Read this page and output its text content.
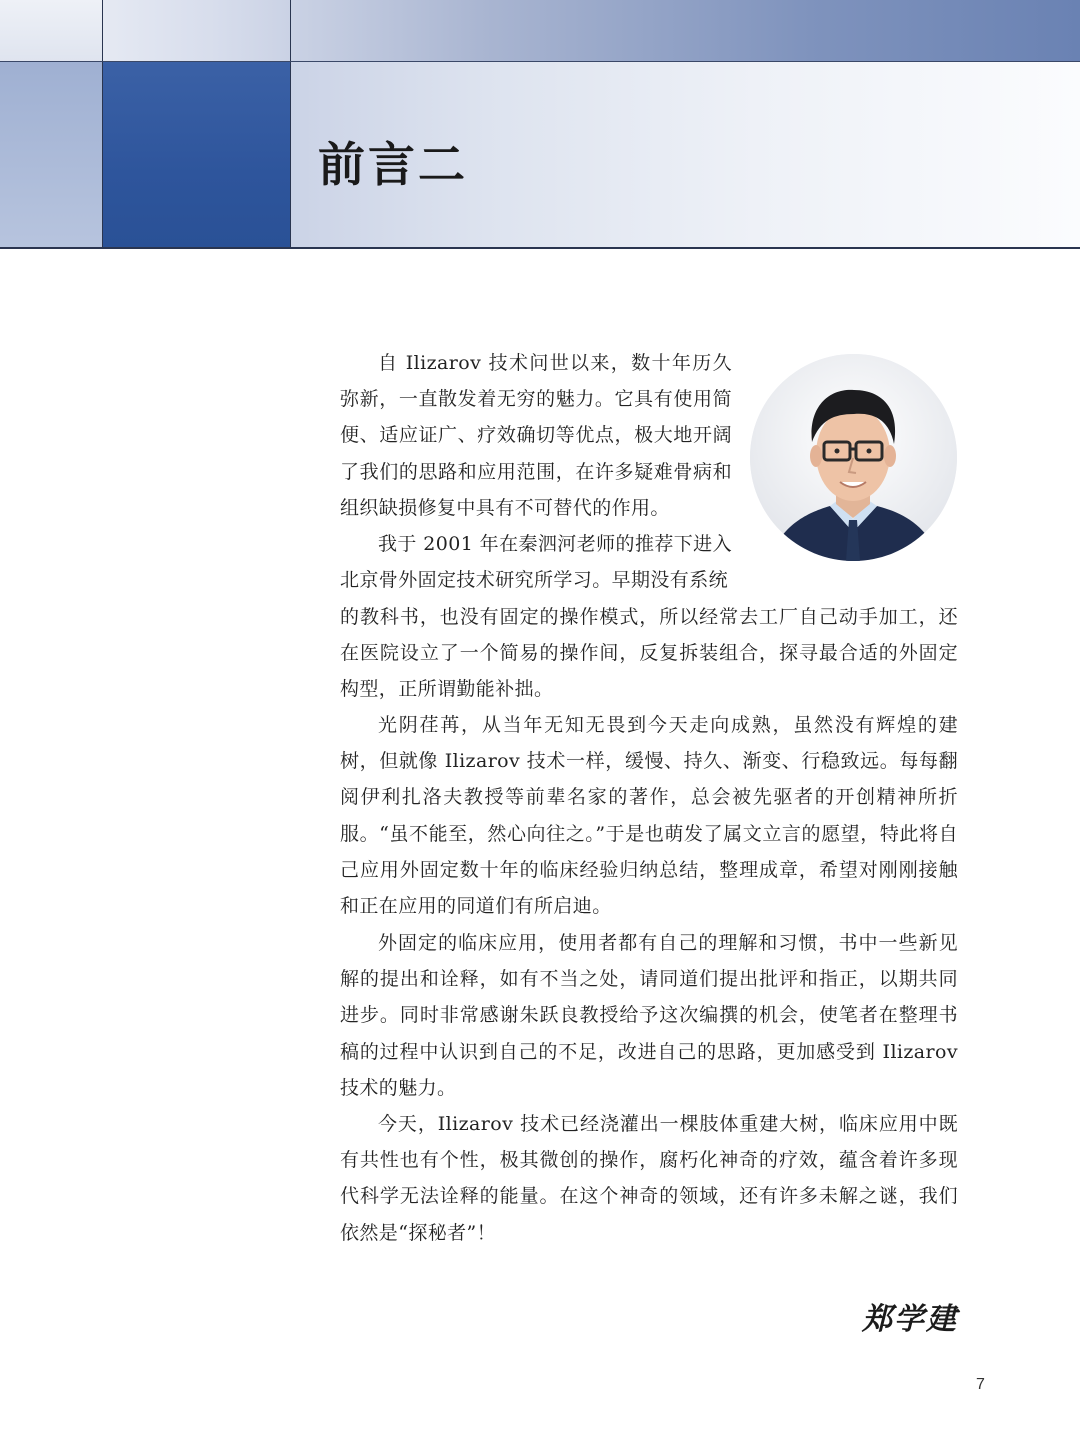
前言二

自 Ilizarov 技术问世以来，数十年历久弥新，一直散发着无穷的魅力。它具有使用简便、适应证广、疗效确切等优点，极大地开阔了我们的思路和应用范围，在许多疑难骨病和组织缺损修复中具有不可替代的作用。

我于 2001 年在秦泗河老师的推荐下进入北京骨外固定技术研究所学习。早期没有系统

的教科书，也没有固定的操作模式，所以经常去工厂自己动手加工，还在医院设立了一个简易的操作间，反复拆装组合，探寻最合适的外固定构型，正所谓勤能补拙。

光阴荏苒，从当年无知无畏到今天走向成熟，虽然没有辉煌的建树，但就像 Ilizarov 技术一样，缓慢、持久、渐变、行稳致远。每每翻阅伊利扎洛夫教授等前辈名家的著作，总会被先驱者的开创精神所折服。“虽不能至，然心向往之。”于是也萌发了属文立言的愿望，特此将自己应用外固定数十年的临床经验归纳总结，整理成章，希望对刚刚接触和正在应用的同道们有所启迪。

外固定的临床应用，使用者都有自己的理解和习惯，书中一些新见解的提出和诠释，如有不当之处，请同道们提出批评和指正，以期共同进步。同时非常感谢朱跃良教授给予这次编撰的机会，使笔者在整理书稿的过程中认识到自己的不足，改进自己的思路，更加感受到 Ilizarov 技术的魅力。

今天，Ilizarov 技术已经浇灌出一棵肢体重建大树，临床应用中既有共性也有个性，极其微创的操作，腐朽化神奇的疗效，蕴含着许多现代科学无法诠释的能量。在这个神奇的领域，还有许多未解之谜，我们依然是“探秘者”！

郑学建
7
